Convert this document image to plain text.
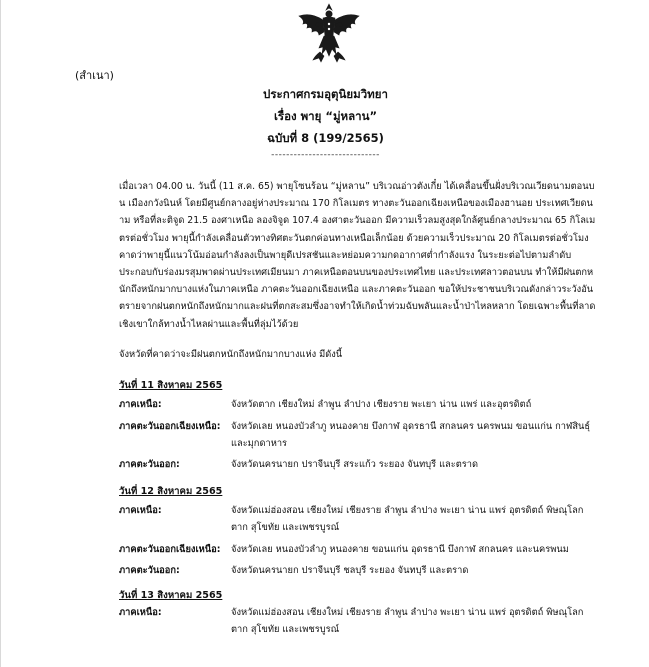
(สำเนา)
ประกาศกรมอุตุนิยมวิทยา
เรื่อง พายุ “มู่หลาน”
ฉบับที่ 8 (199/2565)
-----------------------------
เมื่อเวลา 04.00 น. วันนี้ (11 ส.ค. 65) พายุโซนร้อน “มู่หลาน” บริเวณอ่าวตังเกี๋ย ได้เคลื่อนขึ้นฝั่งบริเวณเวียดนามตอนบน เมืองกวังนินห์ โดยมีศูนย์กลางอยู่ห่างประมาณ 170 กิโลเมตร ทางตะวันออกเฉียงเหนือของเมืองฮานอย ประเทศเวียดนาม หรือที่ละติจูด 21.5 องศาเหนือ ลองจิจูด 107.4 องศาตะวันออก มีความเร็วลมสูงสุดใกล้ศูนย์กลางประมาณ 65 กิโลเมตรต่อชั่วโมง พายุนี้กำลังเคลื่อนตัวทางทิศตะวันตกค่อนทางเหนือเล็กน้อย ด้วยความเร็วประมาณ 20 กิโลเมตรต่อชั่วโมง คาดว่าพายุนี้แนวโน้มอ่อนกำลังลงเป็นพายุดีเปรสชันและหย่อมความกดอากาศต่ำกำลังแรง ในระยะต่อไปตามลำดับ
ประกอบกับร่องมรสุมพาดผ่านประเทศเมียนมา ภาคเหนือตอนบนของประเทศไทย และประเทศลาวตอนบน ทำให้มีฝนตกหนักถึงหนักมากบางแห่งในภาคเหนือ ภาคตะวันออกเฉียงเหนือ และภาคตะวันออก ขอให้ประชาชนบริเวณดังกล่าวระวังอันตรายจากฝนตกหนักถึงหนักมากและฝนที่ตกสะสมซึ่งอาจทำให้เกิดน้ำท่วมฉับพลันและน้ำป่าไหลหลาก โดยเฉพาะพื้นที่ลาดเชิงเขาใกล้ทางน้ำไหลผ่านและพื้นที่ลุ่มไว้ด้วย
จังหวัดที่คาดว่าจะมีฝนตกหนักถึงหนักมากบางแห่ง มีดังนี้
วันที่ 11 สิงหาคม 2565
ภาคเหนือ:	จังหวัดตาก เชียงใหม่ ลำพูน ลำปาง เชียงราย พะเยา น่าน แพร่ และอุตรดิตถ์
ภาคตะวันออกเฉียงเหนือ: จังหวัดเลย หนองบัวลำภู หนองคาย บึงกาฬ อุดรธานี สกลนคร นครพนม ขอนแก่น กาฬสินธุ์ และมุกดาหาร
ภาคตะวันออก:	จังหวัดนครนายก ปราจีนบุรี สระแก้ว ระยอง จันทบุรี และตราด
วันที่ 12 สิงหาคม 2565
ภาคเหนือ:	จังหวัดแม่ฮ่องสอน เชียงใหม่ เชียงราย ลำพูน ลำปาง พะเยา น่าน แพร่ อุตรดิตถ์ พิษณุโลก ตาก สุโขทัย และเพชรบูรณ์
ภาคตะวันออกเฉียงเหนือ: จังหวัดเลย หนองบัวลำภู หนองคาย ขอนแก่น อุดรธานี บึงกาฬ สกลนคร และนครพนม
ภาคตะวันออก:	จังหวัดนครนายก ปราจีนบุรี ชลบุรี ระยอง จันทบุรี และตราด
วันที่ 13 สิงหาคม 2565
ภาคเหนือ:	จังหวัดแม่ฮ่องสอน เชียงใหม่ เชียงราย ลำพูน ลำปาง พะเยา น่าน แพร่ อุตรดิตถ์ พิษณุโลก ตาก สุโขทัย และเพชรบูรณ์
